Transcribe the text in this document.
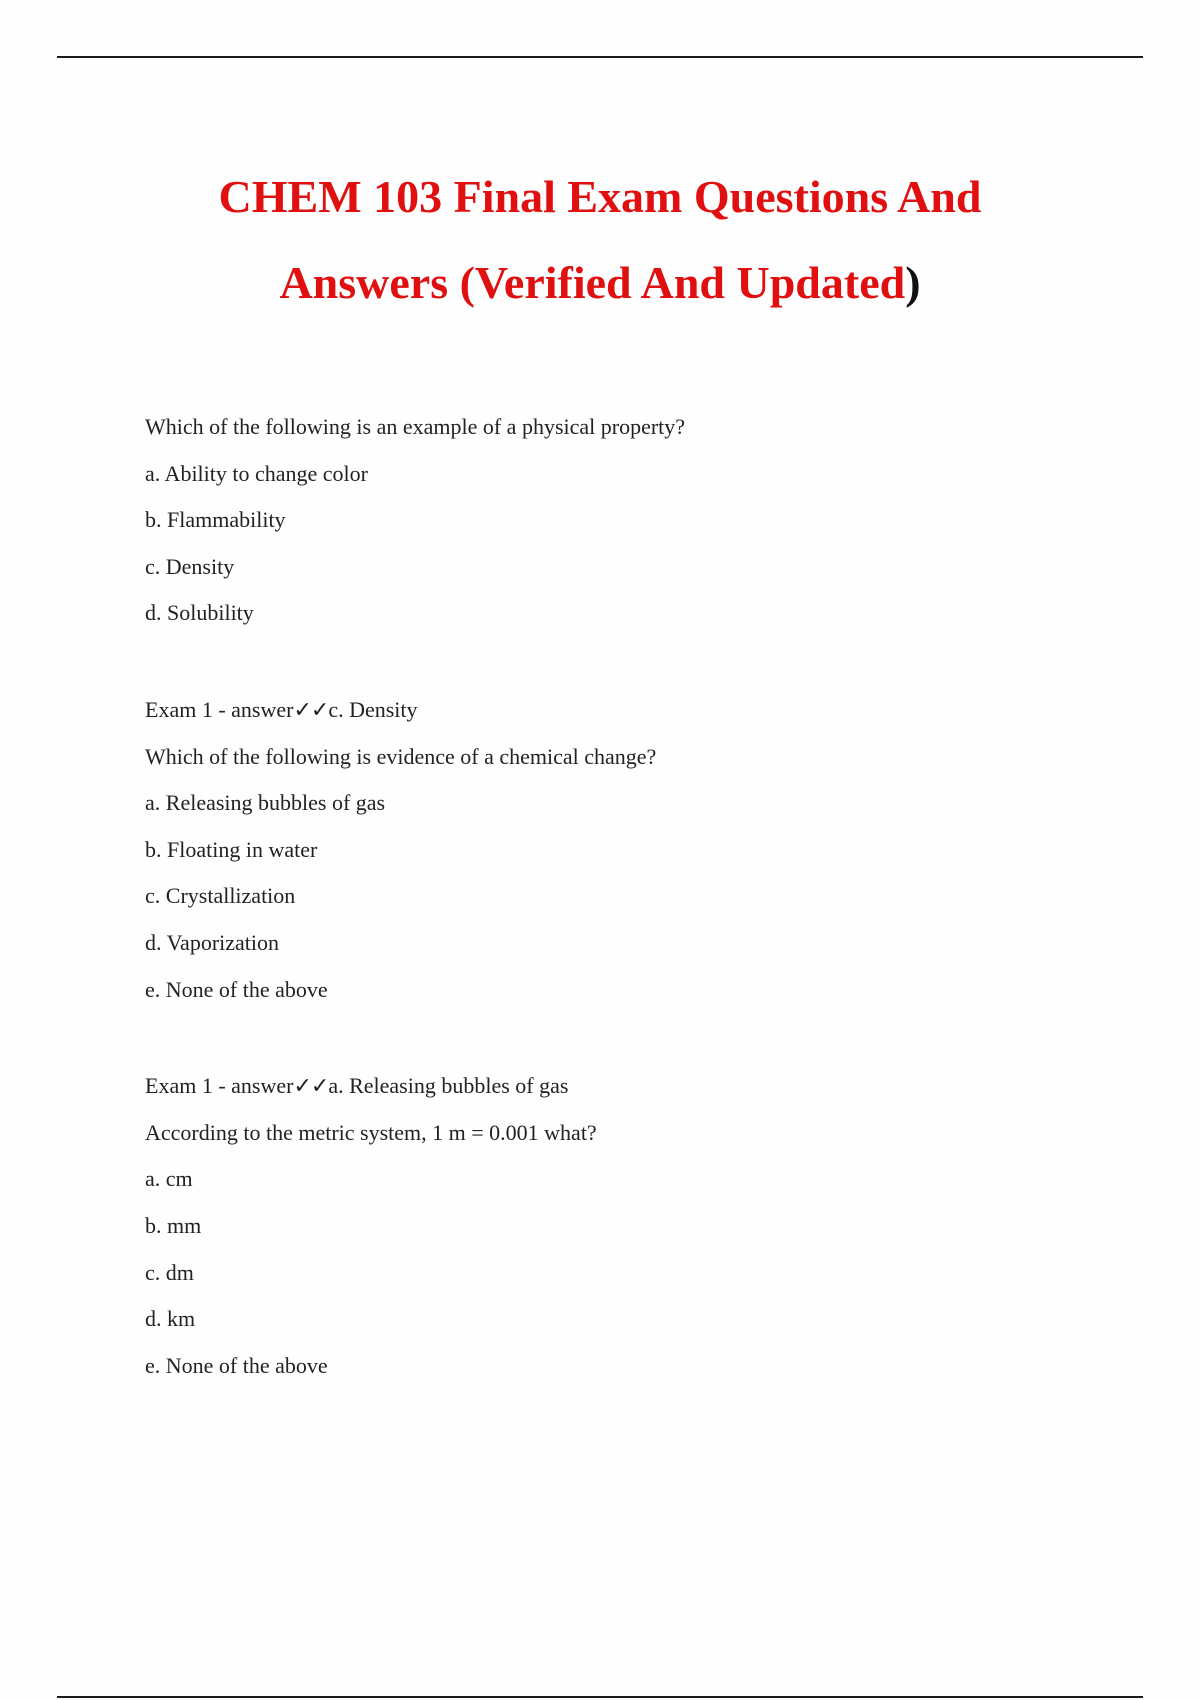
CHEM 103 Final Exam Questions And
Answers (Verified And Updated)
Which of the following is an example of a physical property?
a. Ability to change color
b. Flammability
c. Density
d. Solubility
Exam 1 - answer✓✓c. Density
Which of the following is evidence of a chemical change?
a. Releasing bubbles of gas
b. Floating in water
c. Crystallization
d. Vaporization
e. None of the above
Exam 1 - answer✓✓a. Releasing bubbles of gas
According to the metric system, 1 m = 0.001 what?
a. cm
b. mm
c. dm
d. km
e. None of the above
